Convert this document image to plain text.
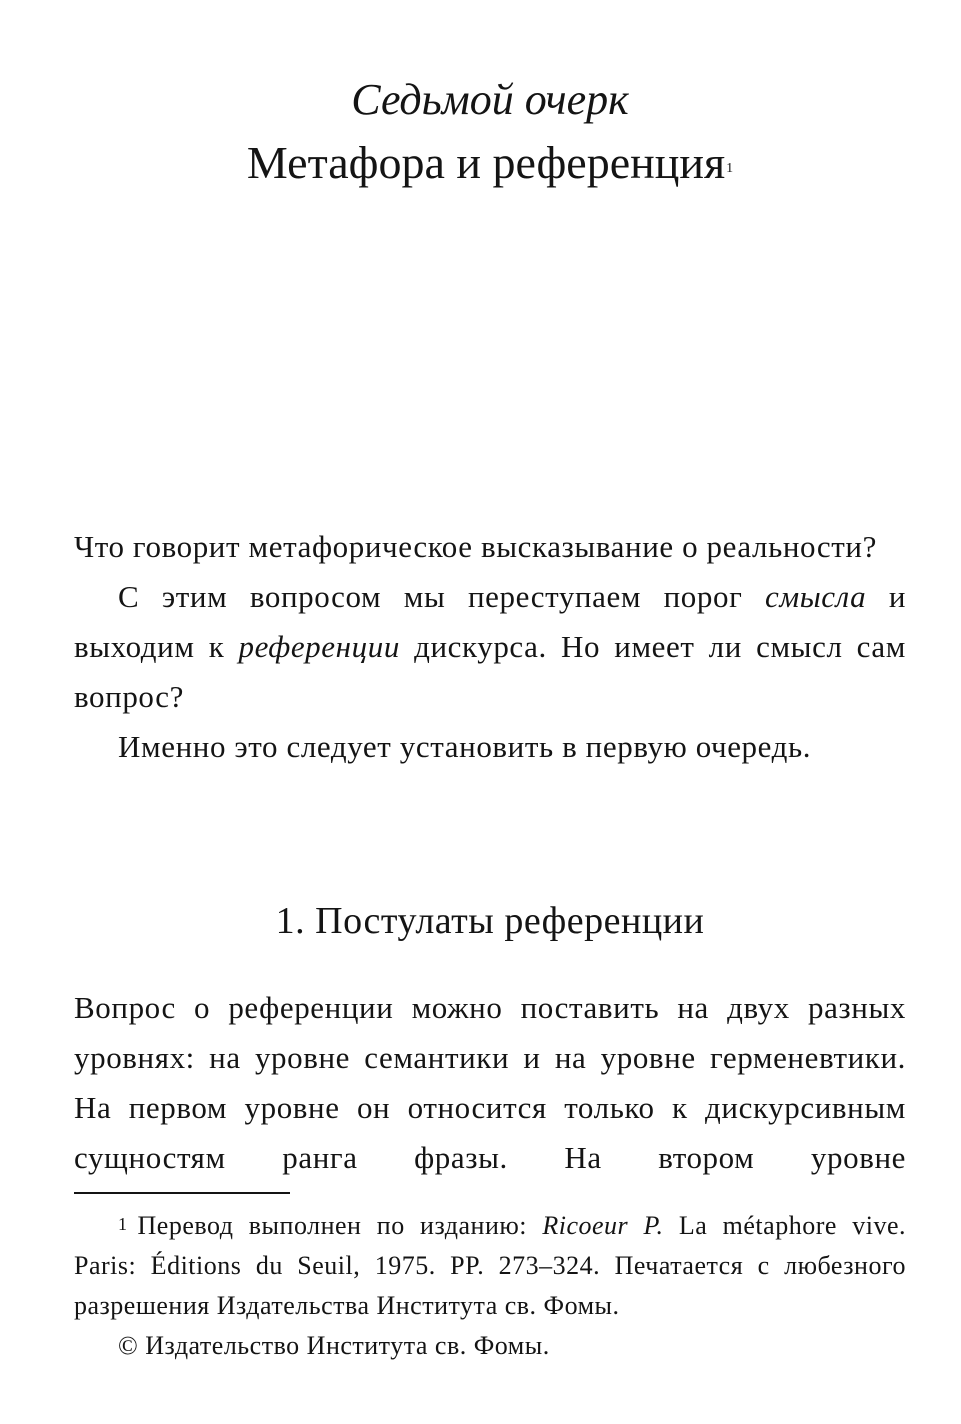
Седьмой очерк
Метафора и референция$^1$

Что говорит метафорическое высказывание о реальности?

С этим вопросом мы переступаем порог смысла и выходим к референции дискурса. Но имеет ли смысл сам вопрос?

Именно это следует установить в первую очередь.

1. Постулаты референции

Вопрос о референции можно поставить на двух разных уровнях: на уровне семантики и на уровне герменевтики. На первом уровне он относится только к дискурсивным сущностям ранга фразы. На втором уровне

$^1$ Перевод выполнен по изданию: Ricoeur P. La métaphore vive. Paris: Éditions du Seuil, 1975. PP. 273–324. Печатается с любезного разрешения Издательства Института св. Фомы.

© Издательство Института св. Фомы.
